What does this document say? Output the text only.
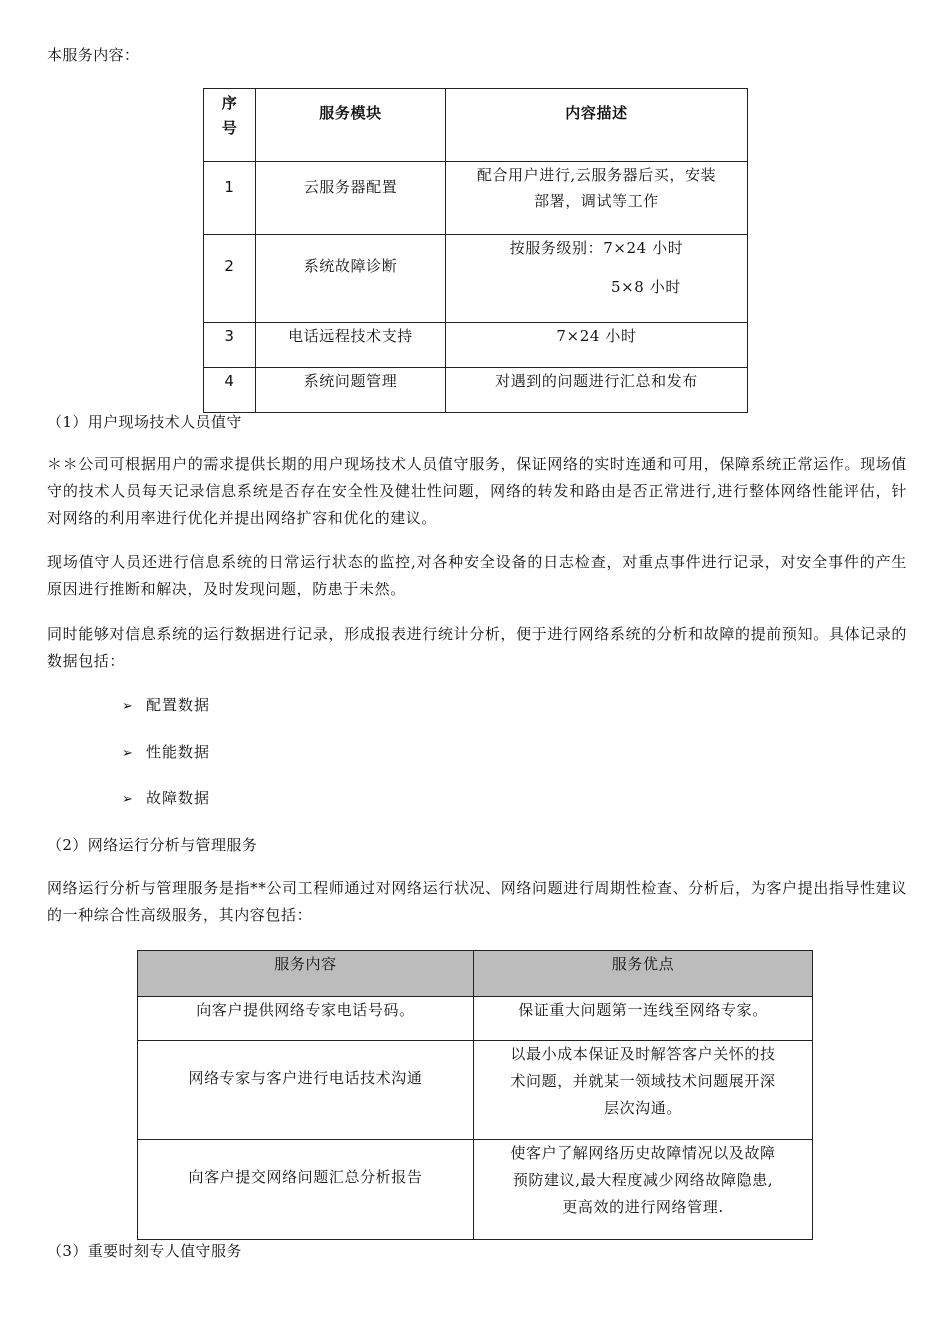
本服务内容：
序号	服务模块	内容描述

1	云服务器配置	配合用户进行,云服务器后买，安装
部署，调试等工作

2	系统故障诊断	按服务级别：7×24 小时
5×8 小时

3	电话远程技术支持	7×24 小时

4	系统问题管理	对遇到的问题进行汇总和发布
（1）用户现场技术人员值守
＊＊公司可根据用户的需求提供长期的用户现场技术人员值守服务，保证网络的实时连通和可用，保障系统正常运作。现场值守的技术人员每天记录信息系统是否存在安全性及健壮性问题，网络的转发和路由是否正常进行,进行整体网络性能评估，针对网络的利用率进行优化并提出网络扩容和优化的建议。
现场值守人员还进行信息系统的日常运行状态的监控,对各种安全设备的日志检查，对重点事件进行记录，对安全事件的产生原因进行推断和解决，及时发现问题，防患于未然。
同时能够对信息系统的运行数据进行记录，形成报表进行统计分析，便于进行网络系统的分析和故障的提前预知。具体记录的数据包括：
➢ 配置数据
➢ 性能数据
➢ 故障数据
（2）网络运行分析与管理服务
网络运行分析与管理服务是指**公司工程师通过对网络运行状况、网络问题进行周期性检查、分析后，为客户提出指导性建议的一种综合性高级服务，其内容包括：
服务内容	服务优点

向客户提供网络专家电话号码。	保证重大问题第一连线至网络专家。

网络专家与客户进行电话技术沟通	以最小成本保证及时解答客户关怀的技
术问题，并就某一领域技术问题展开深
层次沟通。

向客户提交网络问题汇总分析报告	使客户了解网络历史故障情况以及故障
预防建议,最大程度减少网络故障隐患,
更高效的进行网络管理.
（3）重要时刻专人值守服务
